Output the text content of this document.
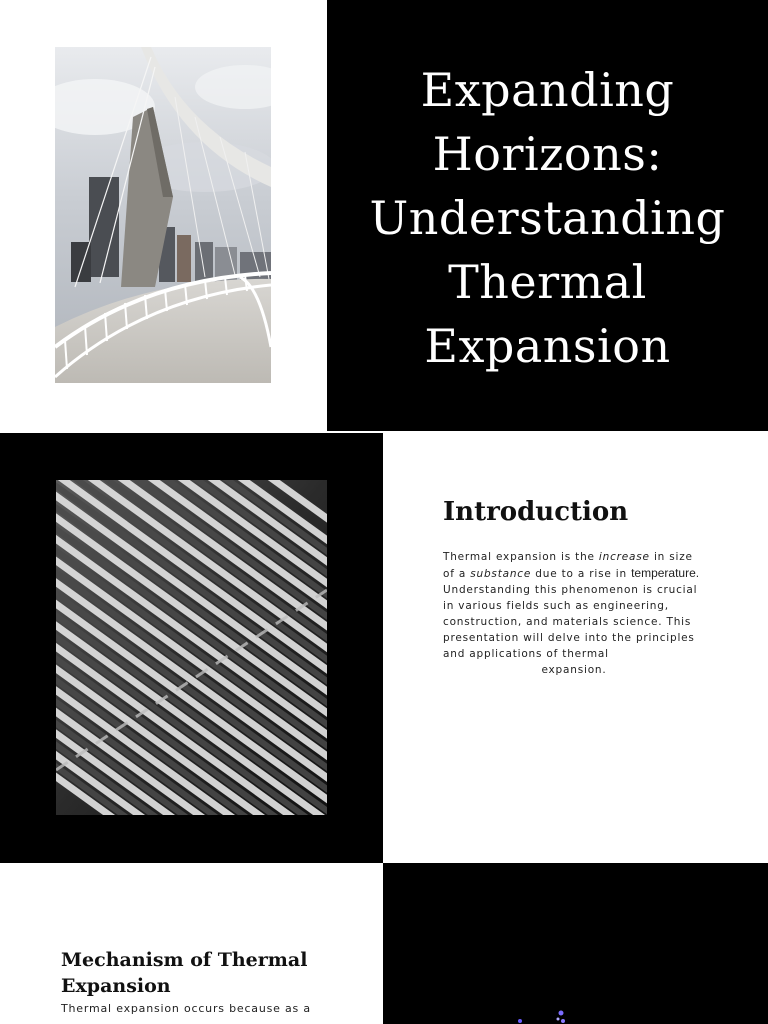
Expanding
Horizons:
Understanding
Thermal
Expansion
Introduction

Thermal expansion is the increase in size of a substance due to a rise in temperature. Understanding this phenomenon is crucial in various fields such as engineering, construction, and materials science. This presentation will delve into the principles and applications of thermal
expansion.

Mechanism of Thermal Expansion

Thermal expansion occurs because as a
